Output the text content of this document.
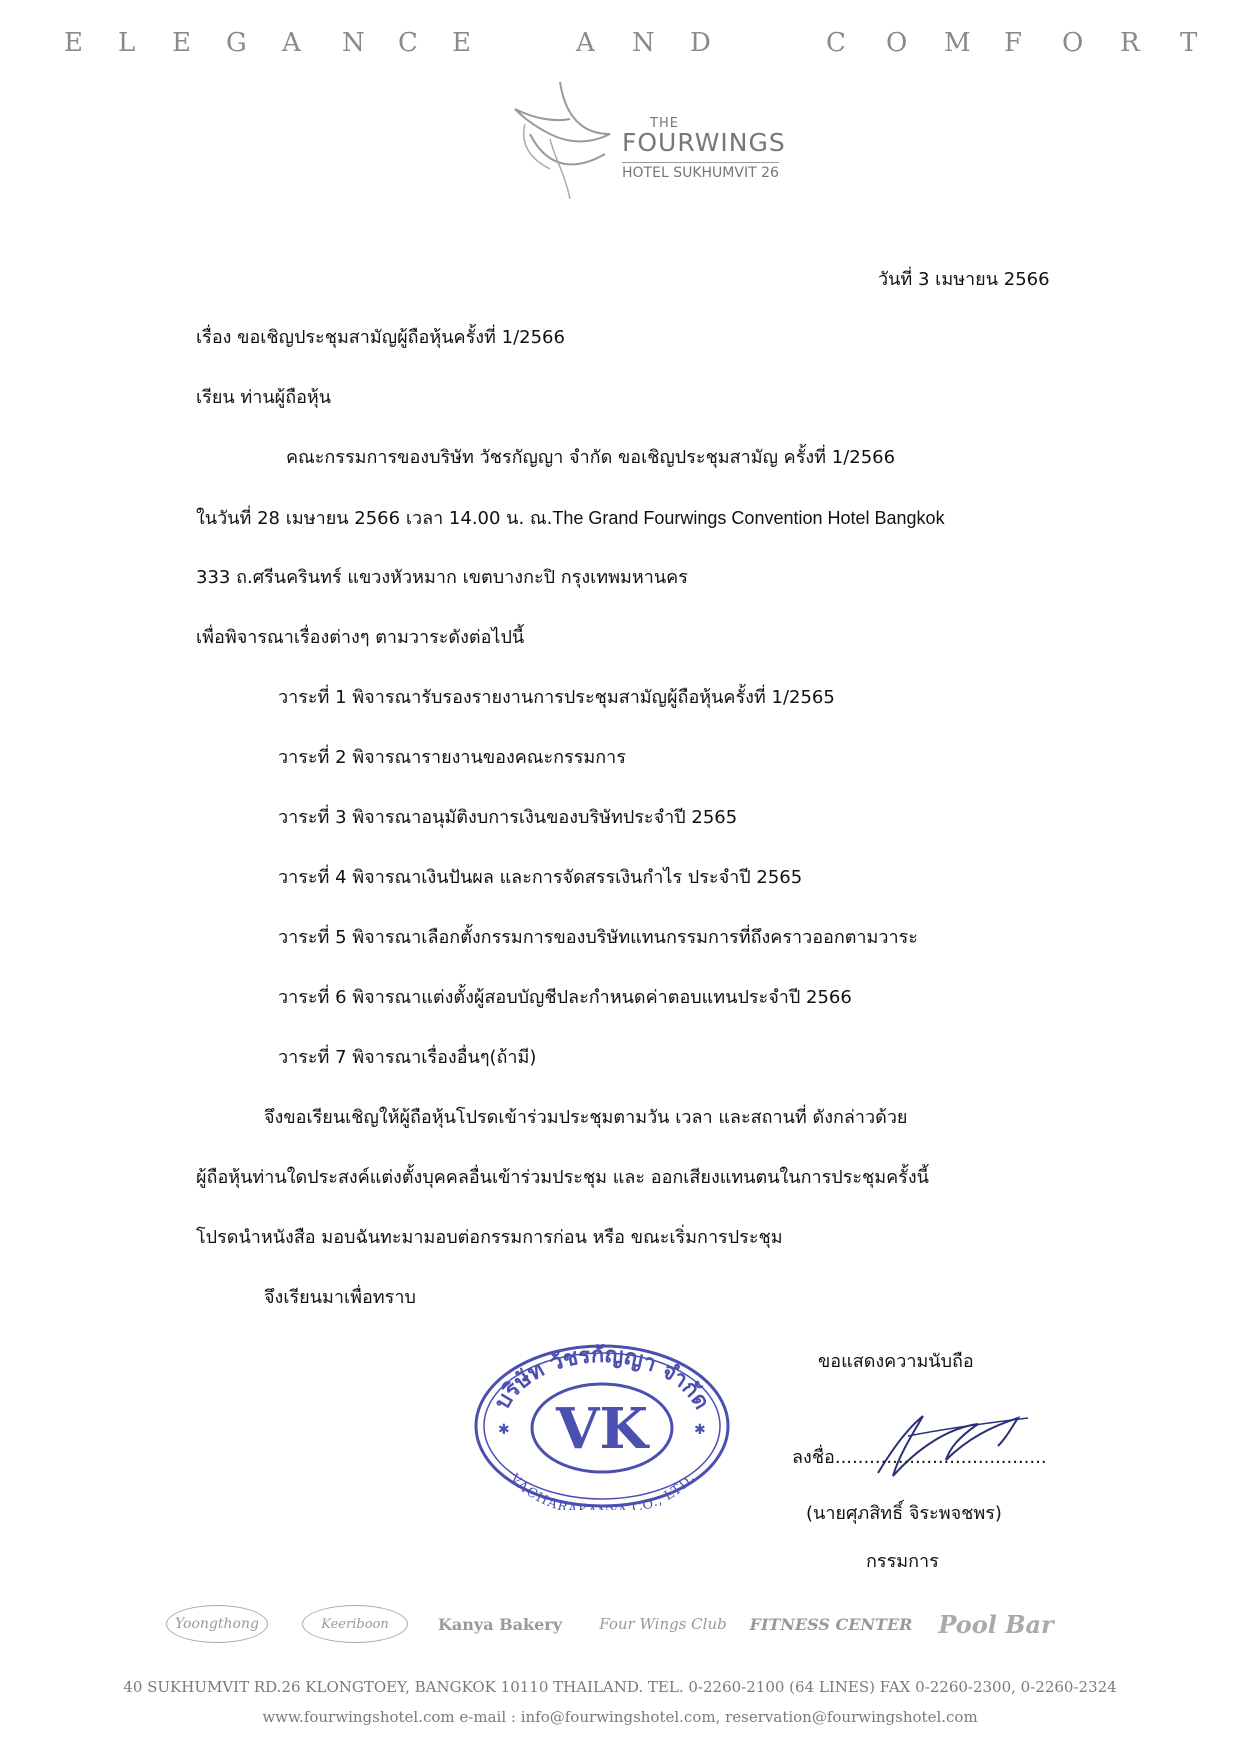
E L E G A N C E	A N D	C O M F O R T
THE
FOURWINGS
HOTEL SUKHUMVIT 26
วันที่ 3 เมษายน 2566
เรื่อง ขอเชิญประชุมสามัญผู้ถือหุ้นครั้งที่ 1/2566
เรียน ท่านผู้ถือหุ้น
คณะกรรมการของบริษัท วัชรกัญญา จำกัด ขอเชิญประชุมสามัญ ครั้งที่ 1/2566
ในวันที่ 28 เมษายน 2566 เวลา 14.00 น. ณ.The Grand Fourwings Convention Hotel Bangkok
333 ถ.ศรีนครินทร์ แขวงหัวหมาก เขตบางกะปิ กรุงเทพมหานคร
เพื่อพิจารณาเรื่องต่างๆ ตามวาระดังต่อไปนี้
วาระที่ 1 พิจารณารับรองรายงานการประชุมสามัญผู้ถือหุ้นครั้งที่ 1/2565
วาระที่ 2 พิจารณารายงานของคณะกรรมการ
วาระที่ 3 พิจารณาอนุมัติงบการเงินของบริษัทประจำปี 2565
วาระที่ 4 พิจารณาเงินปันผล และการจัดสรรเงินกำไร ประจำปี 2565
วาระที่ 5 พิจารณาเลือกตั้งกรรมการของบริษัทแทนกรรมการที่ถึงคราวออกตามวาระ
วาระที่ 6 พิจารณาแต่งตั้งผู้สอบบัญชีปละกำหนดค่าตอบแทนประจำปี 2566
วาระที่ 7 พิจารณาเรื่องอื่นๆ(ถ้ามี)
จึงขอเรียนเชิญให้ผู้ถือหุ้นโปรดเข้าร่วมประชุมตามวัน เวลา และสถานที่ ดังกล่าวด้วย
ผู้ถือหุ้นท่านใดประสงค์แต่งตั้งบุคคลอื่นเข้าร่วมประชุม และ ออกเสียงแทนตนในการประชุมครั้งนี้
โปรดนำหนังสือ มอบฉันทะมามอบต่อกรรมการก่อน หรือ ขณะเริ่มการประชุม
จึงเรียนมาเพื่อทราบ
VK
บริษัท วัชรกัญญา จำกัด
VACHARA CO., LTD.
✱	✱
ขอแสดงความนับถือ
ลงชื่อ.....................................
(นายศุภสิทธิ์ จิระพจชพร)
กรรมการ
Yoongthong	Keeriboon	Kanya Bakery	Four Wings Club	FITNESS CENTER	Pool Bar
40 SUKHUMVIT RD.26 KLONGTOEY, BANGKOK 10110 THAILAND. TEL. 0-2260-2100 (64 LINES) FAX 0-2260-2300, 0-2260-2324
www.fourwingshotel.com e-mail : info@fourwingshotel.com, reservation@fourwingshotel.com
